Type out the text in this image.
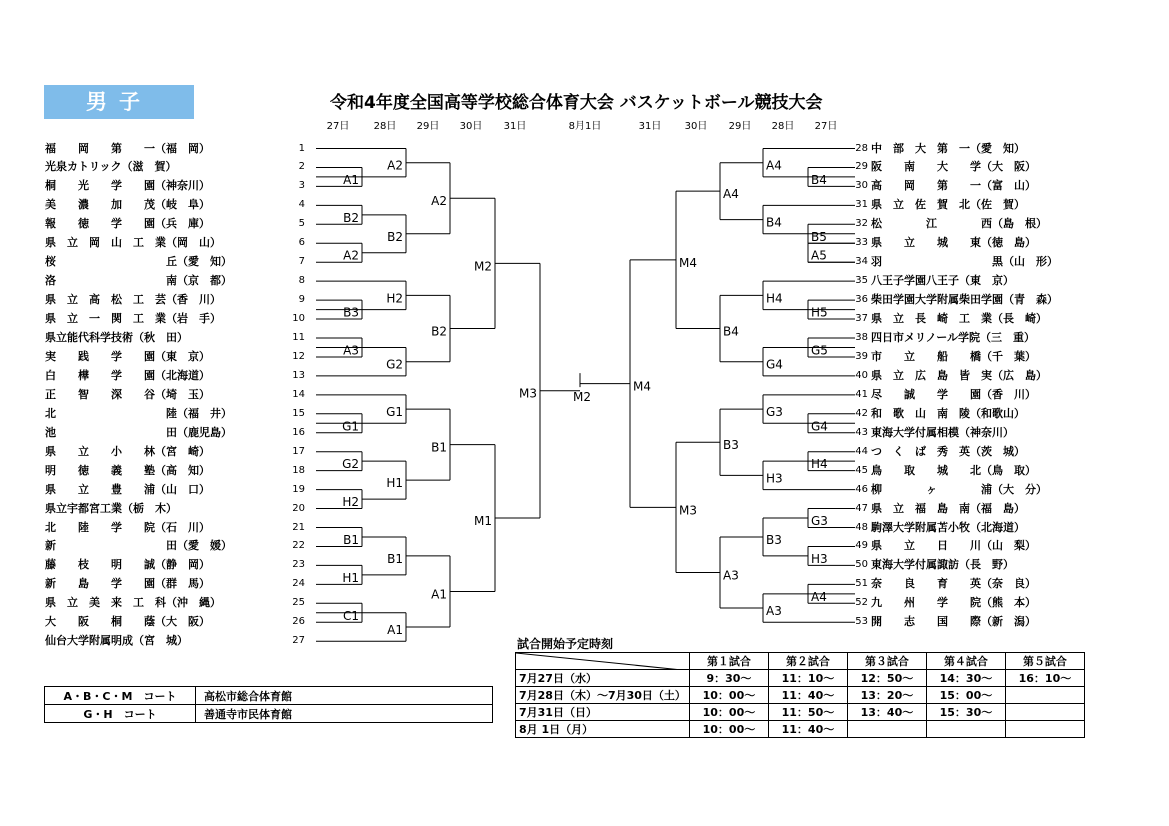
男子	令和4年度全国高等学校総合体育大会 バスケットボール競技大会
27日	28日	29日	30日	31日	8月1日	31日	30日	29日	28日	27日
福　　岡　　第　　一（福　岡）	1
光泉カトリック（滋　賀）	2
桐　　光　　学　　園（神奈川）	3
美　　濃　　加　　茂（岐　阜）	4
報　　徳　　学　　園（兵　庫）	5
県　立　岡　山　工　業（岡　山）	6
桜　　　　　　　　　　丘（愛　知）	7
洛　　　　　　　　　　南（京　都）	8
県　立　高　松　工　芸（香　川）	9
県　立　一　関　工　業（岩　手）	10
県立能代科学技術（秋　田）	11
実　　践　　学　　園（東　京）	12
白　　樺　　学　　園（北海道）	13
正　　智　　深　　谷（埼　玉）	14
北　　　　　　　　　　陸（福　井）	15
池　　　　　　　　　　田（鹿児島）	16
県　　立　　小　　林（宮　崎）	17
明　　徳　　義　　塾（高　知）	18
県　　立　　豊　　浦（山　口）	19
県立宇都宮工業（栃　木）	20
北　　陸　　学　　院（石　川）	21
新　　　　　　　　　　田（愛　媛）	22
藤　　枝　　明　　誠（静　岡）	23
新　　島　　学　　園（群　馬）	24
県　立　美　来　工　科（沖　縄）	25
大　　阪　　桐　　蔭（大　阪）	26
仙台大学附属明成（宮　城）	27
中　部　大　第　一（愛　知）
28
阪　　南　　大　　学（大　阪）
29
高　　岡　　第　　一（富　山）
30
県　立　佐　賀　北（佐　賀）
31
松　　　　江　　　　西（島　根）
32
県　　立　　城　　東（徳　島）
33
羽　　　　　　　　　　黒（山　形）
34
八王子学園八王子（東　京）
35
柴田学園大学附属柴田学園（青　森）
36
県　立　長　崎　工　業（長　崎）
37
四日市メリノール学院（三　重）
38
市　　立　　船　　橋（千　葉）
39
県　立　広　島　皆　実（広　島）
40
尽　　誠　　学　　園（香　川）
41
和　歌　山　南　陵（和歌山）
42
東海大学付属相模（神奈川）
43
つ　く　ば　秀　英（茨　城）
44
鳥　　取　　城　　北（鳥　取）
45
柳　　　　ヶ　　　　浦（大　分）
46
県　立　福　島　南（福　島）
47
駒澤大学附属苫小牧（北海道）
48
県　　立　　日　　川（山　梨）
49
東海大学付属諏訪（長　野）
50
奈　　良　　育　　英（奈　良）
51
九　　州　　学　　院（熊　本）
52
開　　志　　国　　際（新　潟）
53
A1
A2
B2
A2
B2
A2
B3
H2
A3
G2
B2
M2
G1
G1
G2
H2
H1
B1
B1
H1
B1
C1
A1
A1
M1
M3
B4
A4
B5
B4
A5
A4
H5
H4
G5
G4
B4
M4
G4
G3
H4
H3
B3
G3
H3
B3
A4
A3
A3
M3
M4
M2
A・B・C・M　コート	高松市総合体育館
G・H　コート	善通寺市民体育館
試合開始予定時刻
	第１試合	第２試合	第３試合	第４試合	第５試合
7月27日（水）	9：30～	11：10～	12：50～	14：30～	16：10～
7月28日（木）～7月30日（土）	10：00～	11：40～	13：20～	15：00～	
7月31日（日）	10：00～	11：50～	13：40～	15：30～	
8月 1日（月）	10：00～	11：40～			
